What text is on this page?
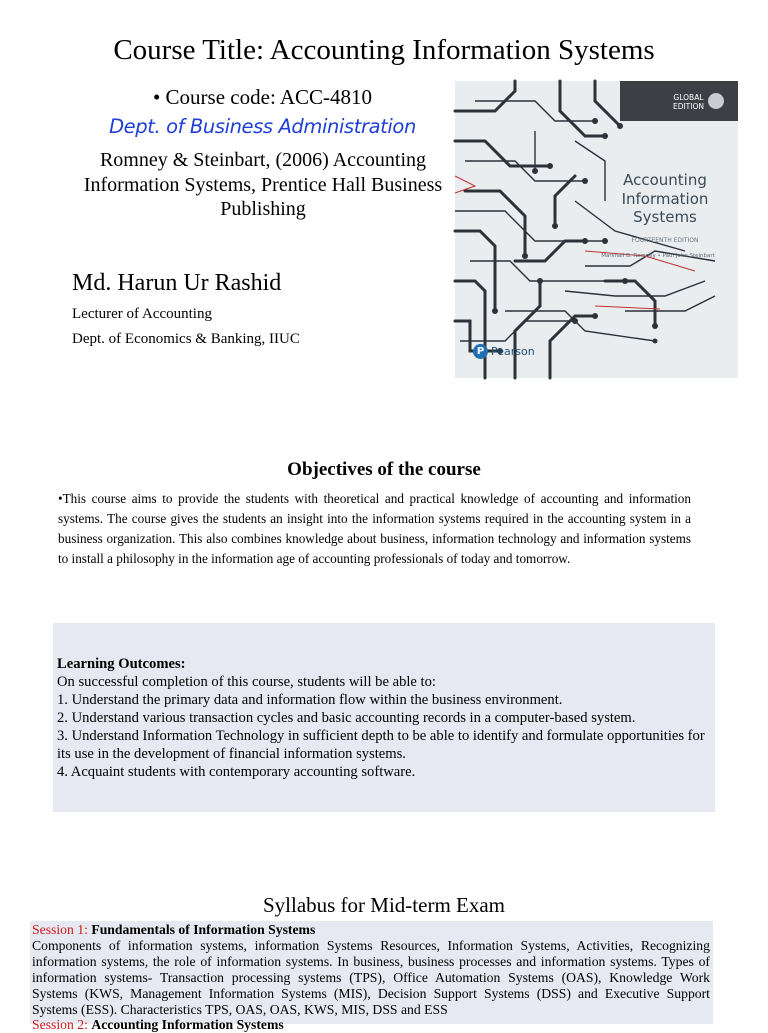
Course Title: Accounting Information Systems
• Course code: ACC-4810
Dept. of Business Administration
Romney & Steinbart, (2006) Accounting Information Systems, Prentice Hall Business Publishing
Md. Harun Ur Rashid
Lecturer of Accounting
Dept. of Economics & Banking, IIUC
GLOBAL
EDITION
Accounting
Information
Systems
FOURTEENTH EDITION
Marshall B. Romney • Paul John Steinbart
P Pearson
Objectives of the course
•This course aims to provide the students with theoretical and practical knowledge of accounting and information systems. The course gives the students an insight into the information systems required in the accounting system in a business organization. This also combines knowledge about business, information technology and information systems to install a philosophy in the information age of accounting professionals of today and tomorrow.
Learning Outcomes:
On successful completion of this course, students will be able to:
1. Understand the primary data and information flow within the business environment.
2. Understand various transaction cycles and basic accounting records in a computer-based system.
3. Understand Information Technology in sufficient depth to be able to identify and formulate opportunities for its use in the development of financial information systems.
4. Acquaint students with contemporary accounting software.
Syllabus for Mid-term Exam
Session 1: Fundamentals of Information Systems
Components of information systems, information Systems Resources, Information Systems, Activities, Recognizing information systems, the role of information systems. In business, business processes and information systems. Types of information systems- Transaction processing systems (TPS), Office Automation Systems (OAS), Knowledge Work Systems (KWS, Management Information Systems (MIS), Decision Support Systems (DSS) and Executive Support Systems (ESS). Characteristics TPS, OAS, OAS, KWS, MIS, DSS and ESS
Session 2: Accounting Information Systems
